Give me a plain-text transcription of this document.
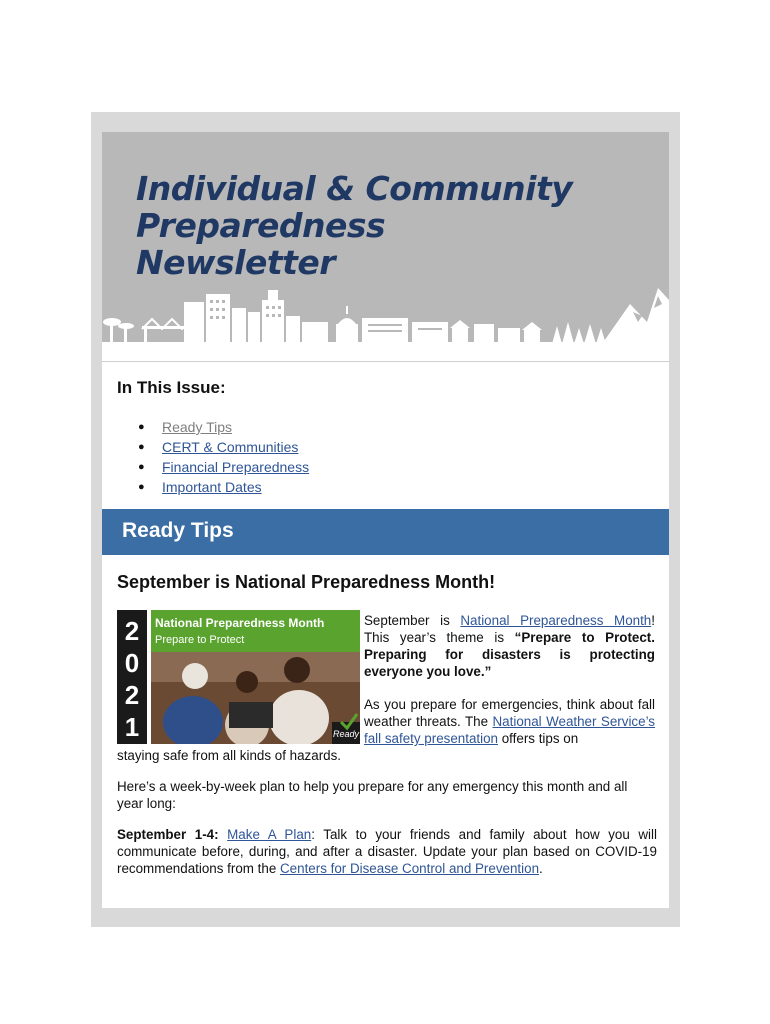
Individual & Community
Preparedness
Newsletter
In This Issue:
● Ready Tips
● CERT & Communities
● Financial Preparedness
● Important Dates
Ready Tips
September is National Preparedness Month!
2
0
2
1
National Preparedness Month
Prepare to Protect
Ready
September is National Preparedness Month! This year’s theme is “Prepare to Protect. Preparing for disasters is protecting everyone you love.”
As you prepare for emergencies, think about fall weather threats. The National Weather Service’s fall safety presentation offers tips on
staying safe from all kinds of hazards.
Here’s a week-by-week plan to help you prepare for any emergency this month and all year long:
September 1-4: Make A Plan: Talk to your friends and family about how you will communicate before, during, and after a disaster. Update your plan based on COVID-19 recommendations from the Centers for Disease Control and Prevention.
